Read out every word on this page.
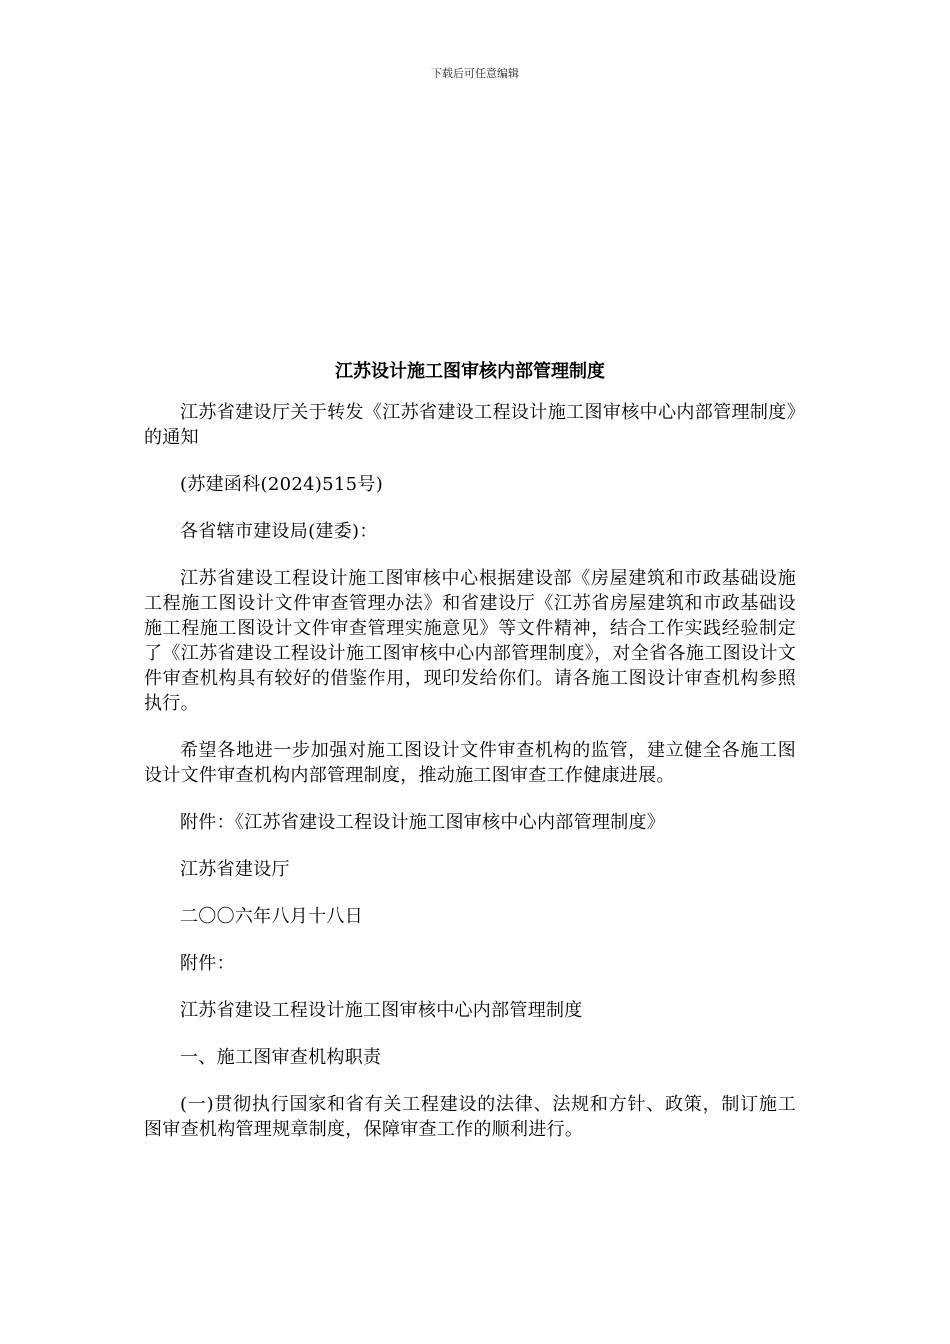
下载后可任意编辑
江苏设计施工图审核内部管理制度

江苏省建设厅关于转发《江苏省建设工程设计施工图审核中心内部管理制度》的通知

(苏建函科(2024)515号)

各省辖市建设局(建委)：

江苏省建设工程设计施工图审核中心根据建设部《房屋建筑和市政基础设施工程施工图设计文件审查管理办法》和省建设厅《江苏省房屋建筑和市政基础设施工程施工图设计文件审查管理实施意见》等文件精神，结合工作实践经验制定了《江苏省建设工程设计施工图审核中心内部管理制度》，对全省各施工图设计文件审查机构具有较好的借鉴作用，现印发给你们。请各施工图设计审查机构参照执行。

希望各地进一步加强对施工图设计文件审查机构的监管，建立健全各施工图设计文件审查机构内部管理制度，推动施工图审查工作健康进展。

附件：《江苏省建设工程设计施工图审核中心内部管理制度》

江苏省建设厅

二〇〇六年八月十八日

附件：

江苏省建设工程设计施工图审核中心内部管理制度

一、施工图审查机构职责

(一)贯彻执行国家和省有关工程建设的法律、法规和方针、政策，制订施工图审查机构管理规章制度，保障审查工作的顺利进行。
